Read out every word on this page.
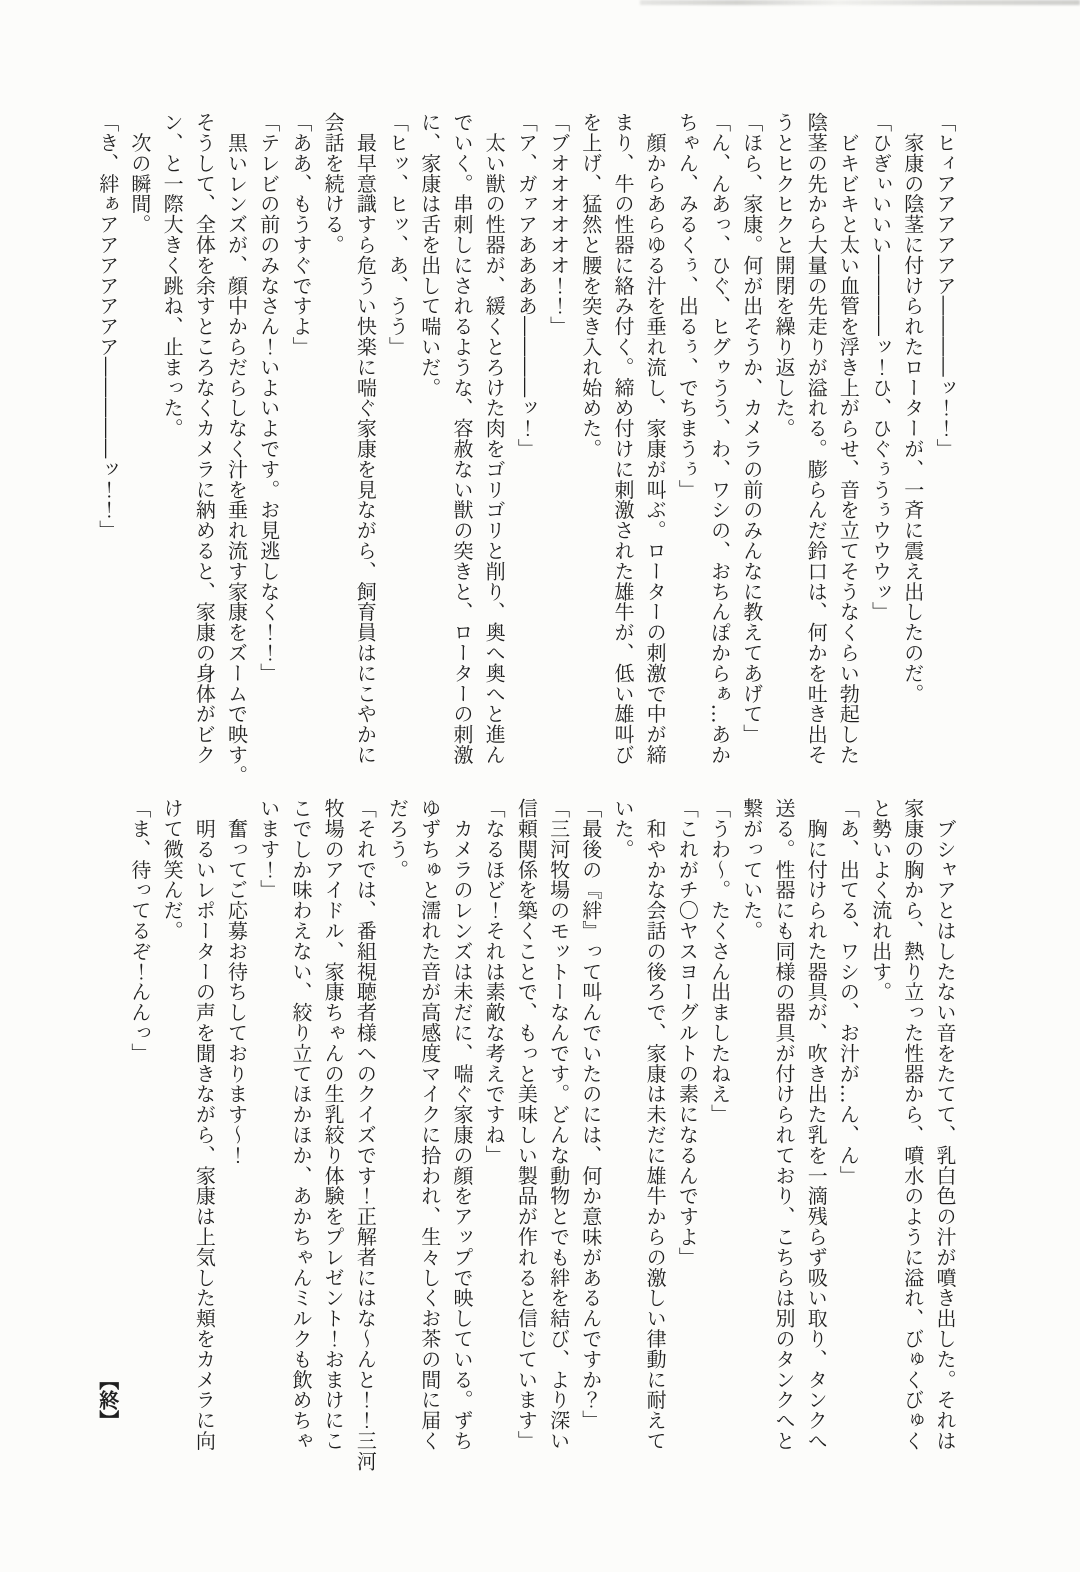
「ヒィアアアアアア――――ッ！！」

　家康の陰茎に付けられたローターが、一斉に震え出したのだ。

「ひぎぃいいい――――ッ！ひ、ひぐぅうぅウウウッ」

　ビキビキと太い血管を浮き上がらせ、音を立てそうなくらい勃起した

陰茎の先から大量の先走りが溢れる。膨らんだ鈴口は、何かを吐き出そ

うとヒクヒクと開閉を繰り返した。

「ほら、家康。何が出そうか、カメラの前のみんなに教えてあげて」

「ん、んあっ、ひぐ、ヒグゥうう、わ、ワシの、おちんぽからぁ…あか

ちゃん、みるくぅ、出るぅ、でちまうぅ」

　顔からあらゆる汁を垂れ流し、家康が叫ぶ。ローターの刺激で中が締

まり、牛の性器に絡み付く。締め付けに刺激された雄牛が、低い雄叫び

を上げ、猛然と腰を突き入れ始めた。

「ブオオオオオオ！！」

「ア、ガァアああああ――――ッ！」

　太い獣の性器が、緩くとろけた肉をゴリゴリと削り、奥へ奥へと進ん

でいく。串刺しにされるような、容赦ない獣の突きと、ローターの刺激

に、家康は舌を出して喘いだ。

「ヒッ、ヒッ、あ、うう」

　最早意識すら危うい快楽に喘ぐ家康を見ながら、飼育員はにこやかに

会話を続ける。

「ああ、もうすぐですよ」

「テレビの前のみなさん！いよいよです。お見逃しなく！！」

　黒いレンズが、顔中からだらしなく汁を垂れ流す家康をズームで映す。

そうして、全体を余すところなくカメラに納めると、家康の身体がビク

ン、と一際大きく跳ね、止まった。

　次の瞬間。

「き、絆ぁアアアアアアア―――――ッ！！」

　ブシャアとはしたない音をたてて、乳白色の汁が噴き出した。それは

家康の胸から、熱り立った性器から、噴水のように溢れ、びゅくびゅく

と勢いよく流れ出す。

「あ、出てる、ワシの、お汁が…ん、ん」

　胸に付けられた器具が、吹き出た乳を一滴残らず吸い取り、タンクへ

送る。性器にも同様の器具が付けられており、こちらは別のタンクへと

繋がっていた。

「うわ～。たくさん出ましたねえ」

「これがチ〇ヤスヨーグルトの素になるんですよ」

　和やかな会話の後ろで、家康は未だに雄牛からの激しい律動に耐えて

いた。

「最後の『絆』って叫んでいたのには、何か意味があるんですか？」

「三河牧場のモットーなんです。どんな動物とでも絆を結び、より深い

信頼関係を築くことで、もっと美味しい製品が作れると信じています」

「なるほど！それは素敵な考えですね」

　カメラのレンズは未だに、喘ぐ家康の顔をアップで映している。ずち

ゆずちゅと濡れた音が高感度マイクに拾われ、生々しくお茶の間に届く

だろう。

「それでは、番組視聴者様へのクイズです！正解者にはな～んと！！三河

牧場のアイドル、家康ちゃんの生乳絞り体験をプレゼント！おまけにこ

こでしか味わえない、絞り立てほかほか、あかちゃんミルクも飲めちゃ

います！」

　奮ってご応募お待ちしております～！

　明るいレポーターの声を聞きながら、家康は上気した頬をカメラに向

けて微笑んだ。

「ま、待ってるぞ！んんっ」

【終】
